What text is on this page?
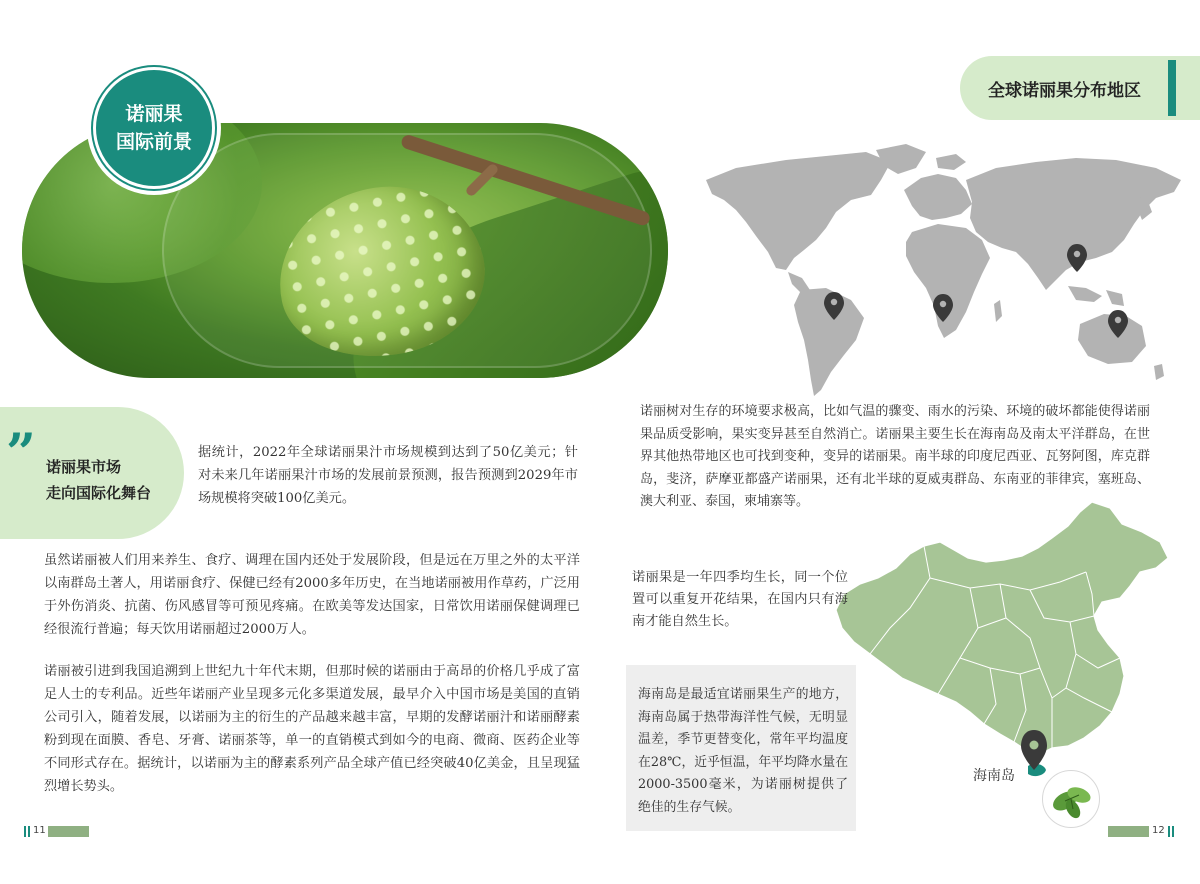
诺丽果
国际前景
” 诺丽果市场
走向国际化舞台

据统计，2022年全球诺丽果汁市场规模到达到了50亿美元；针对未来几年诺丽果汁市场的发展前景预测，报告预测到2029年市场规模将突破100亿美元。

虽然诺丽被人们用来养生、食疗、调理在国内还处于发展阶段，但是远在万里之外的太平洋以南群岛土著人，用诺丽食疗、保健已经有2000多年历史，在当地诺丽被用作草药，广泛用于外伤消炎、抗菌、伤风感冒等可预见疼痛。在欧美等发达国家，日常饮用诺丽保健调理已经很流行普遍；每天饮用诺丽超过2000万人。

诺丽被引进到我国追溯到上世纪九十年代末期，但那时候的诺丽由于高昂的价格几乎成了富足人士的专利品。近些年诺丽产业呈现多元化多渠道发展，最早介入中国市场是美国的直销公司引入，随着发展，以诺丽为主的衍生的产品越来越丰富，早期的发酵诺丽汁和诺丽酵素粉到现在面膜、香皂、牙膏、诺丽茶等，单一的直销模式到如今的电商、微商、医药企业等不同形式存在。据统计，以诺丽为主的酵素系列产品全球产值已经突破40亿美金，且呈现猛烈增长势头。

全球诺丽果分布地区

诺丽树对生存的环境要求极高，比如气温的骤变、雨水的污染、环境的破坏都能使得诺丽果品质受影响，果实变异甚至自然消亡。诺丽果主要生长在海南岛及南太平洋群岛，在世界其他热带地区也可找到变种，变异的诺丽果。南半球的印度尼西亚、瓦努阿图，库克群岛，斐济，萨摩亚都盛产诺丽果，还有北半球的夏威夷群岛、东南亚的菲律宾，塞班岛、澳大利亚、泰国，柬埔寨等。

诺丽果是一年四季均生长，同一个位置可以重复开花结果，在国内只有海南才能自然生长。

海南岛是最适宜诺丽果生产的地方，海南岛属于热带海洋性气候，无明显温差，季节更替变化，常年平均温度在28℃，近乎恒温，年平均降水量在2000-3500毫米，为诺丽树提供了绝佳的生存气候。

海南岛
11	12
